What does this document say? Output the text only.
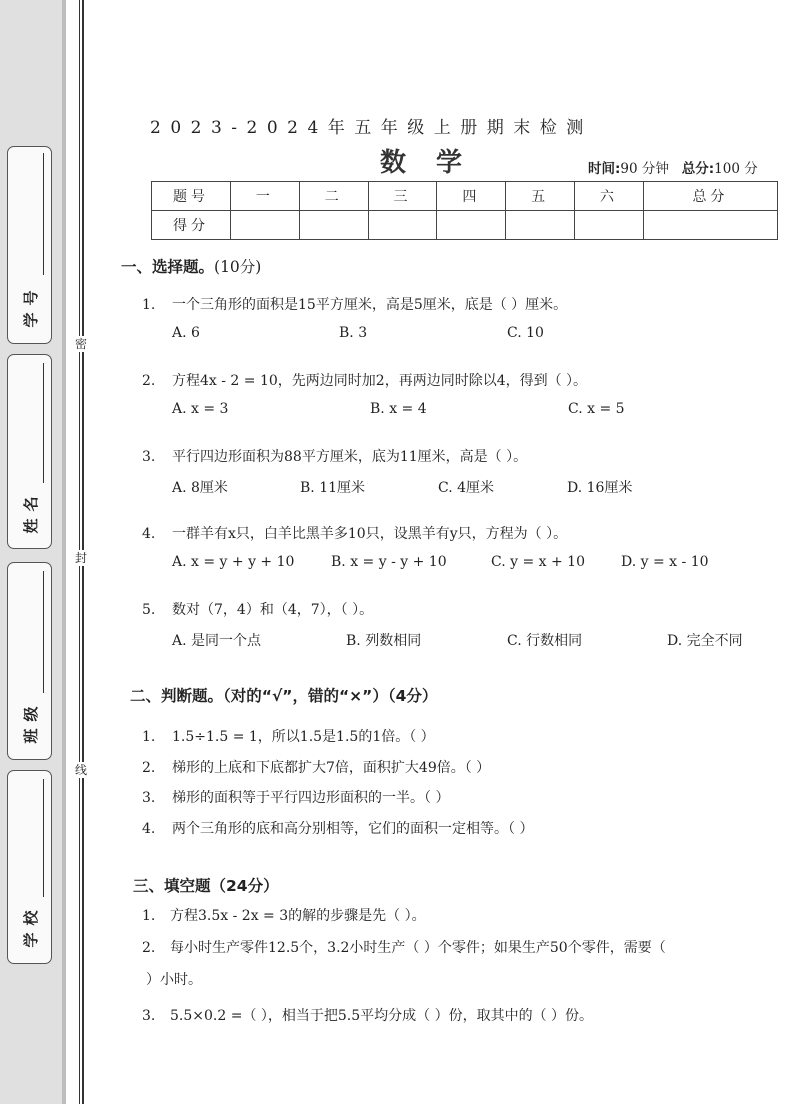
密
封
线
号
学
名
姓
级
班
校
学
2023-2024年五年级上册期末检测
数学	时间:90 分钟 总分:100 分
题号	一	二	三	四	五	六	总分
得分							
一、选择题。(10分)
1. 一个三角形的面积是15平方厘米，高是5厘米，底是（ ）厘米。
A. 6	B. 3	C. 10
2. 方程4x - 2 = 10，先两边同时加2，再两边同时除以4，得到（ ）。
A. x = 3	B. x = 4	C. x = 5
3. 平行四边形面积为88平方厘米，底为11厘米，高是（ ）。
A. 8厘米	B. 11厘米	C. 4厘米	D. 16厘米
4. 一群羊有x只，白羊比黑羊多10只，设黑羊有y只，方程为（ ）。
A. x = y + y + 10	B. x = y - y + 10	C. y = x + 10	D. y = x - 10
5. 数对（7，4）和（4，7），（ ）。
A. 是同一个点	B. 列数相同	C. 行数相同	D. 完全不同
二、判断题。（对的“√”，错的“×”）（4分）
1. 1.5÷1.5 = 1，所以1.5是1.5的1倍。（ ）
2. 梯形的上底和下底都扩大7倍，面积扩大49倍。（ ）
3. 梯形的面积等于平行四边形面积的一半。（ ）
4. 两个三角形的底和高分别相等，它们的面积一定相等。（ ）
三、填空题（24分）
1. 方程3.5x - 2x = 3的解的步骤是先（ ）。
2. 每小时生产零件12.5个，3.2小时生产（ ）个零件；如果生产50个零件，需要（
）小时。
3. 5.5×0.2 =（ ），相当于把5.5平均分成（ ）份，取其中的（ ）份。
